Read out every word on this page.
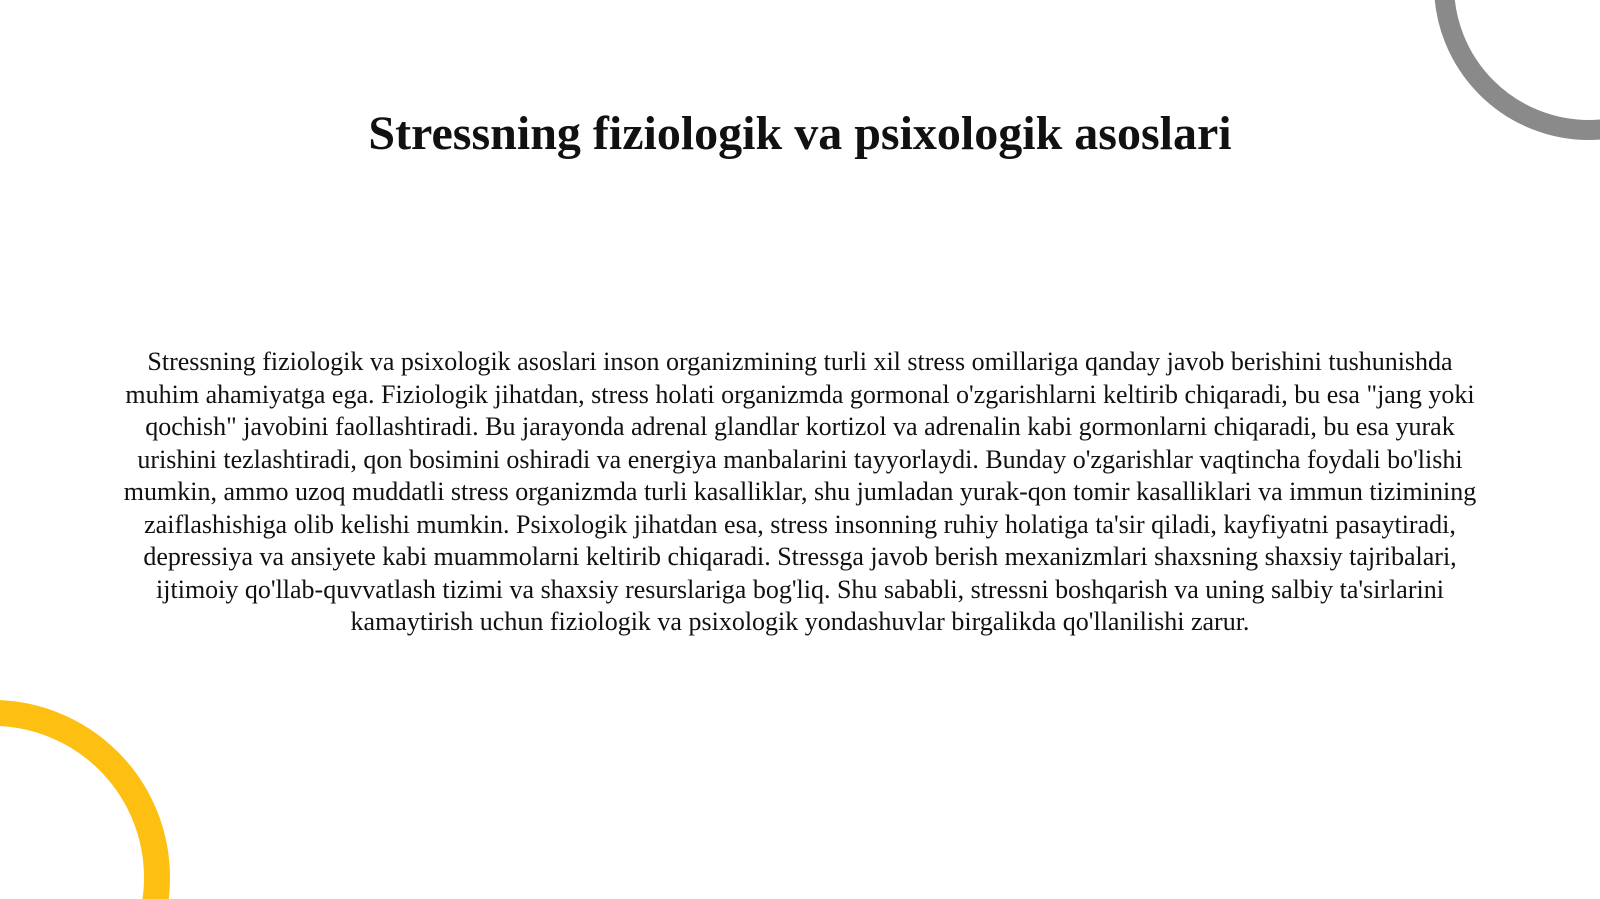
Stressning fiziologik va psixologik asoslari

Stressning fiziologik va psixologik asoslari inson organizmining turli xil stress omillariga qanday javob berishini tushunishda muhim ahamiyatga ega. Fiziologik jihatdan, stress holati organizmda gormonal o'zgarishlarni keltirib chiqaradi, bu esa "jang yoki qochish" javobini faollashtiradi. Bu jarayonda adrenal glandlar kortizol va adrenalin kabi gormonlarni chiqaradi, bu esa yurak urishini tezlashtiradi, qon bosimini oshiradi va energiya manbalarini tayyorlaydi. Bunday o'zgarishlar vaqtincha foydali bo'lishi mumkin, ammo uzoq muddatli stress organizmda turli kasalliklar, shu jumladan yurak-qon tomir kasalliklari va immun tizimining zaiflashishiga olib kelishi mumkin. Psixologik jihatdan esa, stress insonning ruhiy holatiga ta'sir qiladi, kayfiyatni pasaytiradi, depressiya va ansiyete kabi muammolarni keltirib chiqaradi. Stressga javob berish mexanizmlari shaxsning shaxsiy tajribalari, ijtimoiy qo'llab-quvvatlash tizimi va shaxsiy resurslariga bog'liq. Shu sababli, stressni boshqarish va uning salbiy ta'sirlarini kamaytirish uchun fiziologik va psixologik yondashuvlar birgalikda qo'llanilishi zarur.
